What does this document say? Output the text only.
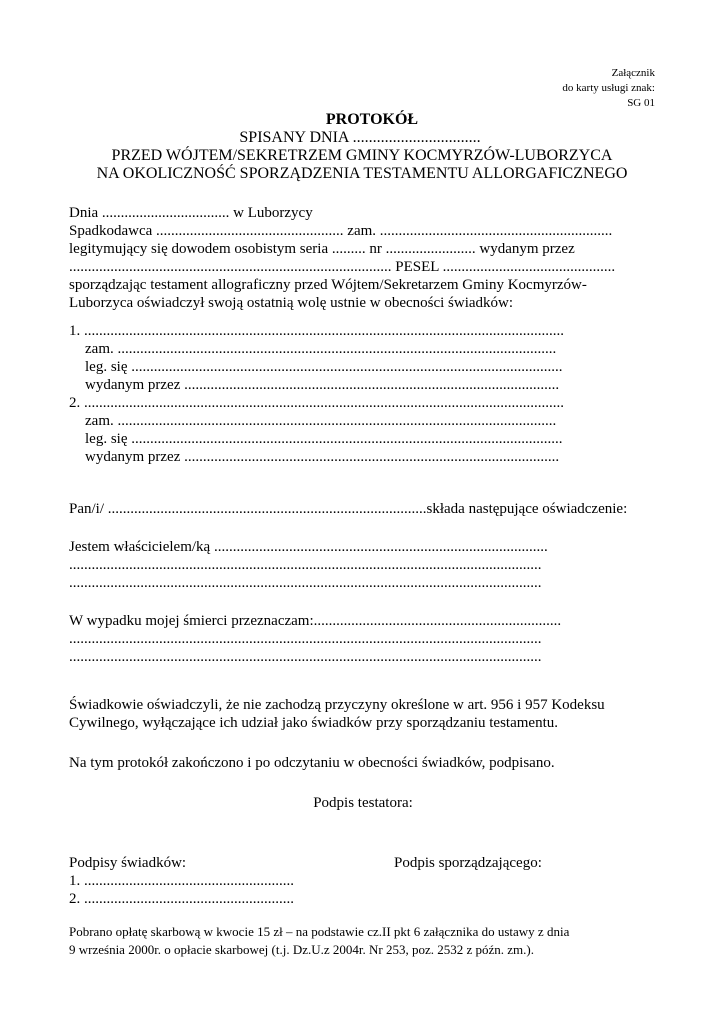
Załącznik
do karty usługi znak:
SG 01
PROTOKÓŁ
SPISANY DNIA ................................
PRZED WÓJTEM/SEKRETRZEM GMINY KOCMYRZÓW-LUBORZYCA
NA OKOLICZNOŚĆ SPORZĄDZENIA TESTAMENTU ALLORGAFICZNEGO
Dnia .................................. w Luborzycy
Spadkodawca .................................................. zam. ..............................................................
legitymujący się dowodem osobistym seria ......... nr ........................ wydanym przez
...................................................................................... PESEL ..............................................
sporządzając testament allograficzny przed Wójtem/Sekretarzem Gminy Kocmyrzów-
Luborzyca oświadczył swoją ostatnią wolę ustnie w obecności świadków:
1. ................................................................................................................................
zam. .....................................................................................................................
leg. się ...................................................................................................................
wydanym przez ....................................................................................................
2. ................................................................................................................................
zam. .....................................................................................................................
leg. się ...................................................................................................................
wydanym przez ....................................................................................................
Pan/i/ .....................................................................................składa następujące oświadczenie:
Jestem właścicielem/ką .........................................................................................
..............................................................................................................................
..............................................................................................................................
W wypadku mojej śmierci przeznaczam:..................................................................
..............................................................................................................................
..............................................................................................................................
Świadkowie oświadczyli, że nie zachodzą przyczyny określone w art. 956 i 957 Kodeksu
Cywilnego, wyłączające ich udział jako świadków przy sporządzaniu testamentu.
Na tym protokół zakończono i po odczytaniu w obecności świadków, podpisano.
Podpis testatora:
Podpisy świadków:
1. ........................................................
2. ........................................................
Podpis sporządzającego:
Pobrano opłatę skarbową w kwocie 15 zł – na podstawie cz.II pkt 6 załącznika do ustawy z dnia
9 września 2000r. o opłacie skarbowej (t.j. Dz.U.z 2004r. Nr 253, poz. 2532 z późn. zm.).
